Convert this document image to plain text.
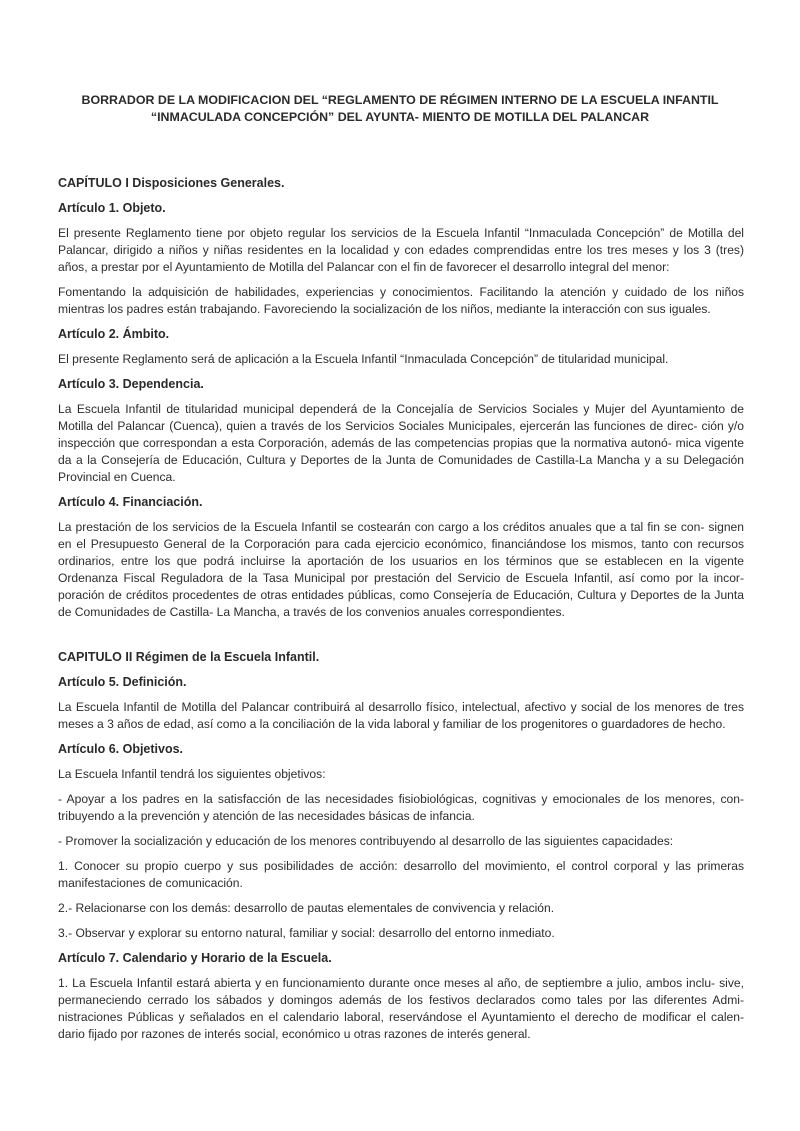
BORRADOR DE LA MODIFICACION DEL “REGLAMENTO DE RÉGIMEN INTERNO DE LA ESCUELA INFANTIL
“INMACULADA CONCEPCIÓN” DEL AYUNTA- MIENTO DE MOTILLA DEL PALANCAR
CAPÍTULO I Disposiciones Generales.
Artículo 1. Objeto.

El presente Reglamento tiene por objeto regular los servicios de la Escuela Infantil “Inmaculada Concepción” de Motilla del Palancar, dirigido a niños y niñas residentes en la localidad y con edades comprendidas entre los tres meses y los 3 (tres) años, a prestar por el Ayuntamiento de Motilla del Palancar con el fin de favorecer el desarrollo integral del menor:

Fomentando la adquisición de habilidades, experiencias y conocimientos. Facilitando la atención y cuidado de los niños mientras los padres están trabajando. Favoreciendo la socialización de los niños, mediante la interacción con sus iguales.

Artículo 2. Ámbito.

El presente Reglamento será de aplicación a la Escuela Infantil “Inmaculada Concepción” de titularidad municipal.

Artículo 3. Dependencia.

La Escuela Infantil de titularidad municipal dependerá de la Concejalía de Servicios Sociales y Mujer del Ayuntamiento de Motilla del Palancar (Cuenca), quien a través de los Servicios Sociales Municipales, ejercerán las funciones de direc- ción y/o inspección que correspondan a esta Corporación, además de las competencias propias que la normativa autonó- mica vigente da a la Consejería de Educación, Cultura y Deportes de la Junta de Comunidades de Castilla-La Mancha y a su Delegación Provincial en Cuenca.

Artículo 4. Financiación.

La prestación de los servicios de la Escuela Infantil se costearán con cargo a los créditos anuales que a tal fin se con- signen en el Presupuesto General de la Corporación para cada ejercicio económico, financiándose los mismos, tanto con recursos ordinarios, entre los que podrá incluirse la aportación de los usuarios en los términos que se establecen en la vigente Ordenanza Fiscal Reguladora de la Tasa Municipal por prestación del Servicio de Escuela Infantil, así como por la incor- poración de créditos procedentes de otras entidades públicas, como Consejería de Educación, Cultura y Deportes de la Junta de Comunidades de Castilla- La Mancha, a través de los convenios anuales correspondientes.

CAPITULO II Régimen de la Escuela Infantil.
Artículo 5. Definición.

La Escuela Infantil de Motilla del Palancar contribuirá al desarrollo físico, intelectual, afectivo y social de los menores de tres meses a 3 años de edad, así como a la conciliación de la vida laboral y familiar de los progenitores o guardadores de hecho.

Artículo 6. Objetivos.

La Escuela Infantil tendrá los siguientes objetivos:

- Apoyar a los padres en la satisfacción de las necesidades fisiobiológicas, cognitivas y emocionales de los menores, con- tribuyendo a la prevención y atención de las necesidades básicas de infancia.

- Promover la socialización y educación de los menores contribuyendo al desarrollo de las siguientes capacidades:

1. Conocer su propio cuerpo y sus posibilidades de acción: desarrollo del movimiento, el control corporal y las primeras manifestaciones de comunicación.

2.- Relacionarse con los demás: desarrollo de pautas elementales de convivencia y relación.

3.- Observar y explorar su entorno natural, familiar y social: desarrollo del entorno inmediato.

Artículo 7. Calendario y Horario de la Escuela.

1. La Escuela Infantil estará abierta y en funcionamiento durante once meses al año, de septiembre a julio, ambos inclu- sive, permaneciendo cerrado los sábados y domingos además de los festivos declarados como tales por las diferentes Admi- nistraciones Públicas y señalados en el calendario laboral, reservándose el Ayuntamiento el derecho de modificar el calen- dario fijado por razones de interés social, económico u otras razones de interés general.
